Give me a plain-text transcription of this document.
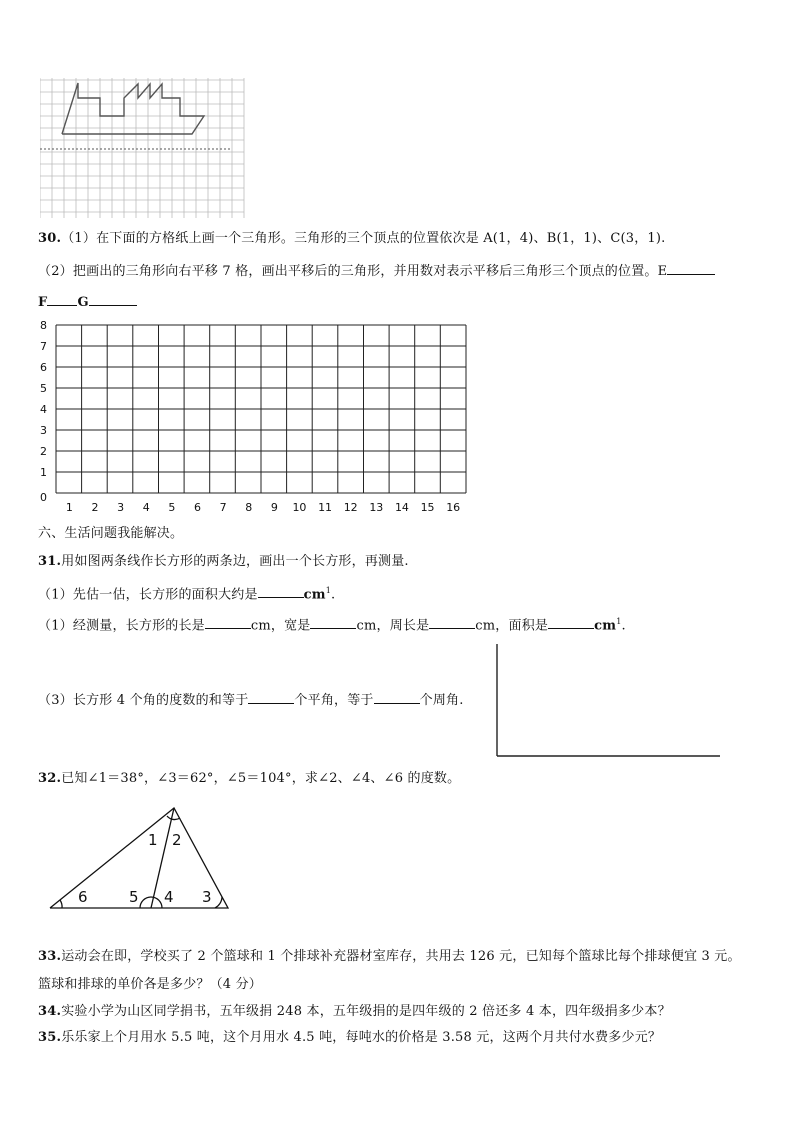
30.（1）在下面的方格纸上画一个三角形。三角形的三个顶点的位置依次是 A(1，4)、B(1，1)、C(3，1).
（2）把画出的三角形向右平移 7 格，画出平移后的三角形，并用数对表示平移后三角形三个顶点的位置。E
F G
8
7
6
5
4
3
2
1
0
1 2 3 4 5 6 7 8 9 10 11 12 13 14 15 16
六、生活问题我能解决。
31.用如图两条线作长方形的两条边，画出一个长方形，再测量.
（1）先估一估，长方形的面积大约是	$cm^1$.
（1）经测量，长方形的长是	cm，宽是	cm，周长是	cm，面积是	$cm^1$.
（3）长方形 4 个角的度数的和等于	个平角，等于	个周角.
32.已知∠1＝38°，∠3＝62°，∠5＝104°，求∠2、∠4、∠6 的度数。
1 2
3
4
5
6
33.运动会在即，学校买了 2 个篮球和 1 个排球补充器材室库存，共用去 126 元，已知每个篮球比每个排球便宜 3 元。
篮球和排球的单价各是多少？（4 分）
34.实验小学为山区同学捐书，五年级捐 248 本，五年级捐的是四年级的 2 倍还多 4 本，四年级捐多少本？
35.乐乐家上个月用水 5.5 吨，这个月用水 4.5 吨，每吨水的价格是 3.58 元，这两个月共付水费多少元？
